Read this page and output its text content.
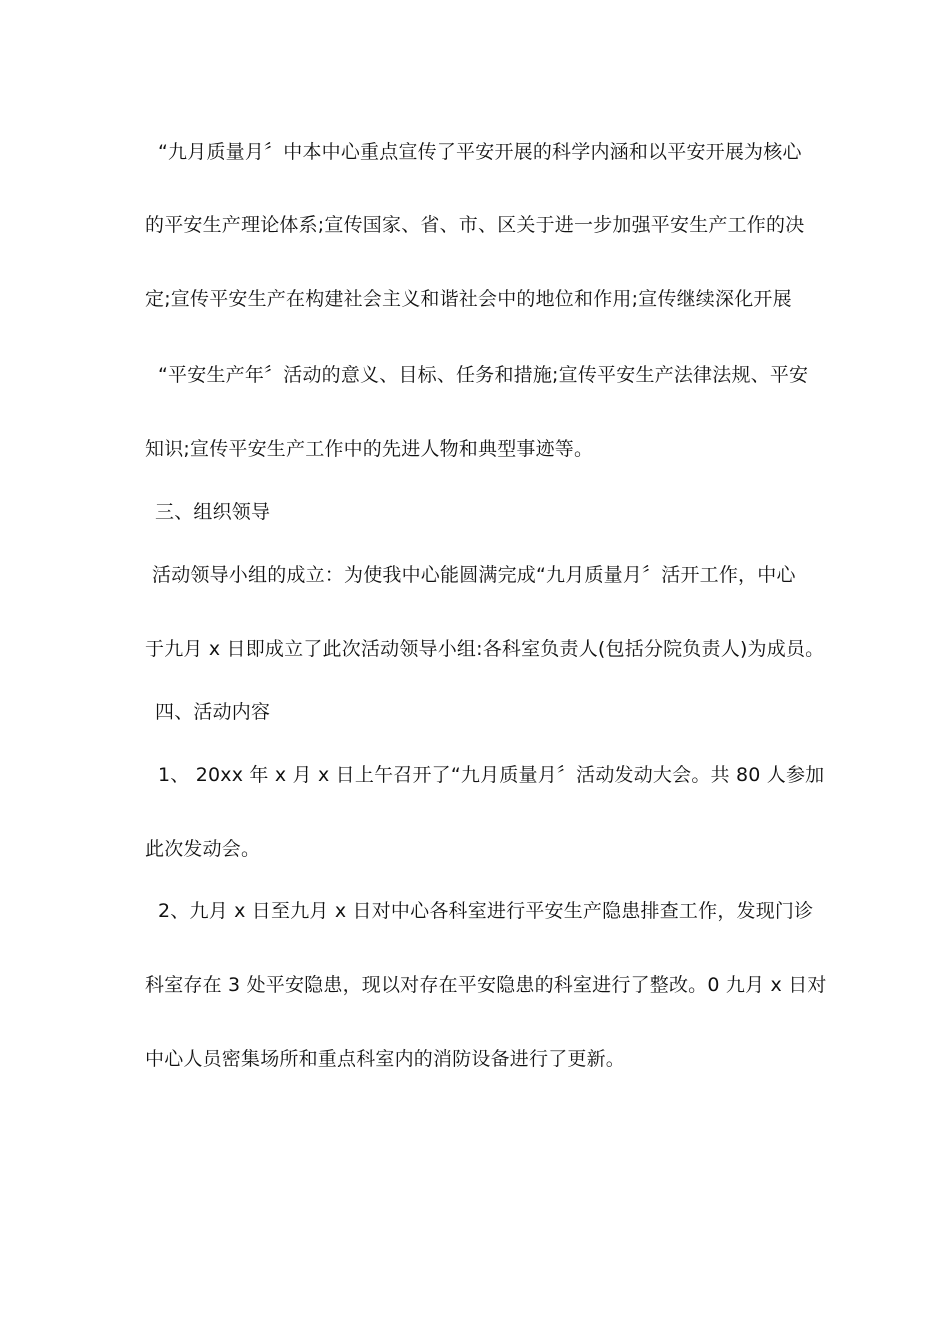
“九月质量月〞中本中心重点宣传了平安开展的科学内涵和以平安开展为核心
的平安生产理论体系;宣传国家、省、市、区关于进一步加强平安生产工作的决
定;宣传平安生产在构建社会主义和谐社会中的地位和作用;宣传继续深化开展
“平安生产年〞活动的意义、目标、任务和措施;宣传平安生产法律法规、平安
知识;宣传平安生产工作中的先进人物和典型事迹等。
三、组织领导
活动领导小组的成立：为使我中心能圆满完成“九月质量月〞活开工作，中心
于九月 x 日即成立了此次活动领导小组:各科室负责人(包括分院负责人)为成员。
四、活动内容
1、 20xx 年 x 月 x 日上午召开了“九月质量月〞活动发动大会。共 80 人参加
此次发动会。
2、九月 x 日至九月 x 日对中心各科室进行平安生产隐患排查工作，发现门诊
科室存在 3 处平安隐患，现以对存在平安隐患的科室进行了整改。0 九月 x 日对
中心人员密集场所和重点科室内的消防设备进行了更新。
